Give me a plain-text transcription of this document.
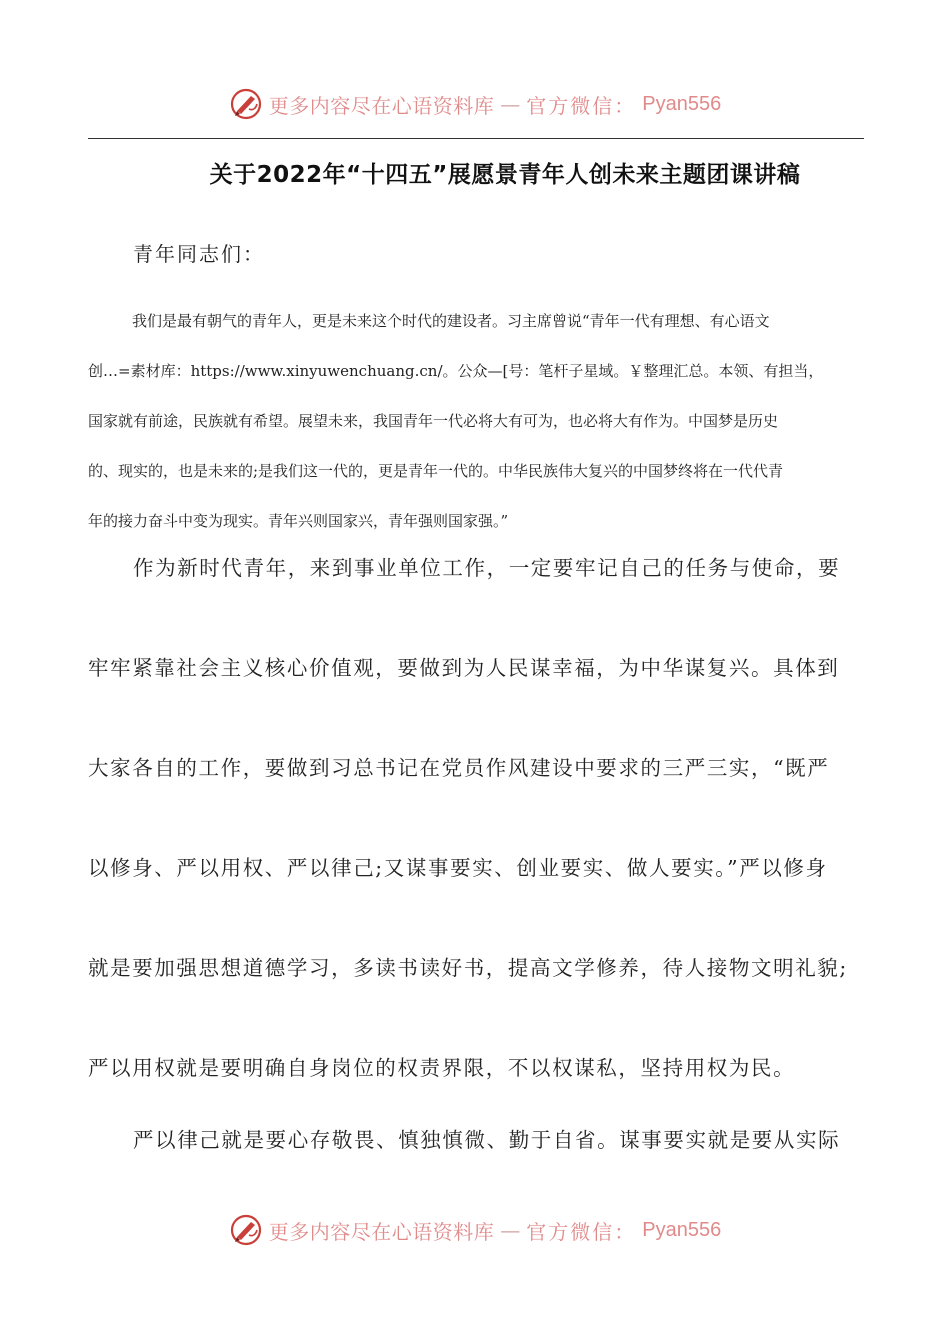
更多内容尽在心语资料库 — 官方微信： Pyan556
关于2022年“十四五”展愿景青年人创未来主题团课讲稿
青年同志们：
我们是最有朝气的青年人，更是未来这个时代的建设者。习主席曾说“青年一代有理想、有心语文
创…=素材库：https://www.xinyuwenchuang.cn/。公众—[号：笔杆子星域。￥整理汇总。本领、有担当，
国家就有前途，民族就有希望。展望未来，我国青年一代必将大有可为，也必将大有作为。中国梦是历史
的、现实的，也是未来的;是我们这一代的，更是青年一代的。中华民族伟大复兴的中国梦终将在一代代青
年的接力奋斗中变为现实。青年兴则国家兴，青年强则国家强。”
作为新时代青年，来到事业单位工作，一定要牢记自己的任务与使命，要
牢牢紧靠社会主义核心价值观，要做到为人民谋幸福，为中华谋复兴。具体到
大家各自的工作，要做到习总书记在党员作风建设中要求的三严三实，“既严
以修身、严以用权、严以律己;又谋事要实、创业要实、做人要实。”严以修身
就是要加强思想道德学习，多读书读好书，提高文学修养，待人接物文明礼貌;
严以用权就是要明确自身岗位的权责界限，不以权谋私，坚持用权为民。
严以律己就是要心存敬畏、慎独慎微、勤于自省。谋事要实就是要从实际
更多内容尽在心语资料库 — 官方微信： Pyan556
